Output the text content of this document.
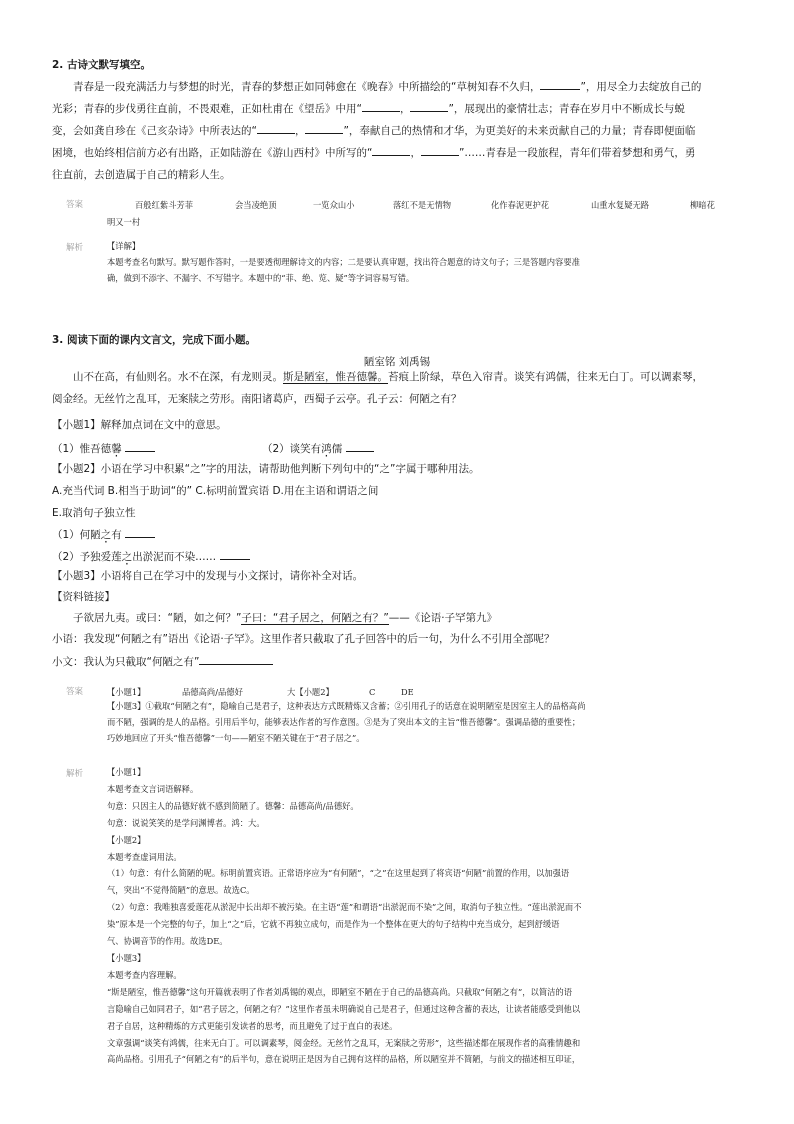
2. 古诗文默写填空。
青春是一段充满活力与梦想的时光，青春的梦想正如同韩愈在《晚春》中所描绘的“草树知春不久归，	”，用尽全力去绽放自己的
光彩；青春的步伐勇往直前，不畏艰难，正如杜甫在《望岳》中用“	，	”，展现出的豪情壮志；青春在岁月中不断成长与蜕
变，会如龚自珍在《己亥杂诗》中所表达的“	，	”，奉献自己的热情和才华，为更美好的未来贡献自己的力量；青春即便面临
困境，也始终相信前方必有出路，正如陆游在《游山西村》中所写的“	，	”……青春是一段旅程，青年们带着梦想和勇气，勇
往直前，去创造属于自己的精彩人生。
答案	百般红紫斗芳菲	会当凌绝顶	一览众山小	落红不是无情物	化作春泥更护花	山重水复疑无路	柳暗花
明又一村
解析	【详解】

本题考查名句默写。默写题作答时，一是要透彻理解诗文的内容；二是要认真审题，找出符合题意的诗文句子；三是答题内容要准

确，做到不添字、不漏字、不写错字。本题中的“菲、绝、览、疑”等字词容易写错。

3. 阅读下面的课内文言文，完成下面小题。
陋室铭 刘禹锡
山不在高，有仙则名。水不在深，有龙则灵。斯是陋室，惟吾德馨。苔痕上阶绿，草色入帘青。谈笑有鸿儒，往来无白丁。可以调素琴，
阅金经。无丝竹之乱耳，无案牍之劳形。南阳诸葛庐，西蜀子云亭。孔子云：何陋之有？
【小题1】解释加点词在文中的意思。
（1）惟吾德馨	（2）谈笑有鸿儒
【小题2】小语在学习中积累“之”字的用法，请帮助他判断下列句中的“之”字属于哪种用法。
A.充当代词 B.相当于助词“的” C.标明前置宾语 D.用在主语和谓语之间
E.取消句子独立性
（1）何陋之有
（2）予独爱莲之出淤泥而不染……
【小题3】小语将自己在学习中的发现与小文探讨，请你补全对话。
【资料链接】
子欲居九夷。或曰：“陋，如之何？”子曰：“君子居之，何陋之有？”——《论语·子罕第九》
小语：我发现“何陋之有”语出《论语·子罕》。这里作者只截取了孔子回答中的后一句，为什么不引用全部呢？
小文：我认为只截取“何陋之有”
答案	【小题1】	品德高尚/品德好	大【小题2】	C	DE

【小题3】①截取“何陋之有”，隐喻自己是君子，这种表达方式既精炼又含蓄；②引用孔子的话意在说明陋室是因室主人的品格高尚

而不陋，强调的是人的品格。引用后半句，能够表达作者的写作意图。③是为了突出本文的主旨“惟吾德馨”。强调品德的重要性；

巧妙地回应了开头“惟吾德馨”一句——陋室不陋关键在于“君子居之”。

解析	【小题1】

本题考查文言词语解释。

句意：只因主人的品德好就不感到简陋了。德馨：品德高尚/品德好。

句意：说说笑笑的是学问渊博者。鸿：大。

【小题2】

本题考查虚词用法。

（1）句意：有什么简陋的呢。标明前置宾语。正常语序应为“有何陋”，“之”在这里起到了将宾语“何陋”前置的作用，以加强语

气，突出“不觉得简陋”的意思。故选C。

（2）句意：我唯独喜爱莲花从淤泥中长出却不被污染。在主语“莲”和谓语“出淤泥而不染”之间，取消句子独立性。“莲出淤泥而不

染”原本是一个完整的句子，加上“之”后，它就不再独立成句，而是作为一个整体在更大的句子结构中充当成分，起到舒缓语

气、协调音节的作用。故选DE。

【小题3】

本题考查内容理解。

“斯是陋室，惟吾德馨”这句开篇就表明了作者刘禹锡的观点，即陋室不陋在于自己的品德高尚。只截取“何陋之有”，以简洁的语

言隐喻自己如同君子，如“君子居之，何陋之有？”这里作者虽未明确说自己是君子，但通过这种含蓄的表达，让读者能感受到他以

君子自居，这种精炼的方式更能引发读者的思考，而且避免了过于直白的表述。

文章强调“谈笑有鸿儒，往来无白丁。可以调素琴，阅金经。无丝竹之乱耳，无案牍之劳形”，这些描述都在展现作者的高雅情趣和

高尚品格。引用孔子“何陋之有”的后半句，意在说明正是因为自己拥有这样的品格，所以陋室并不简陋，与前文的描述相互印证，
